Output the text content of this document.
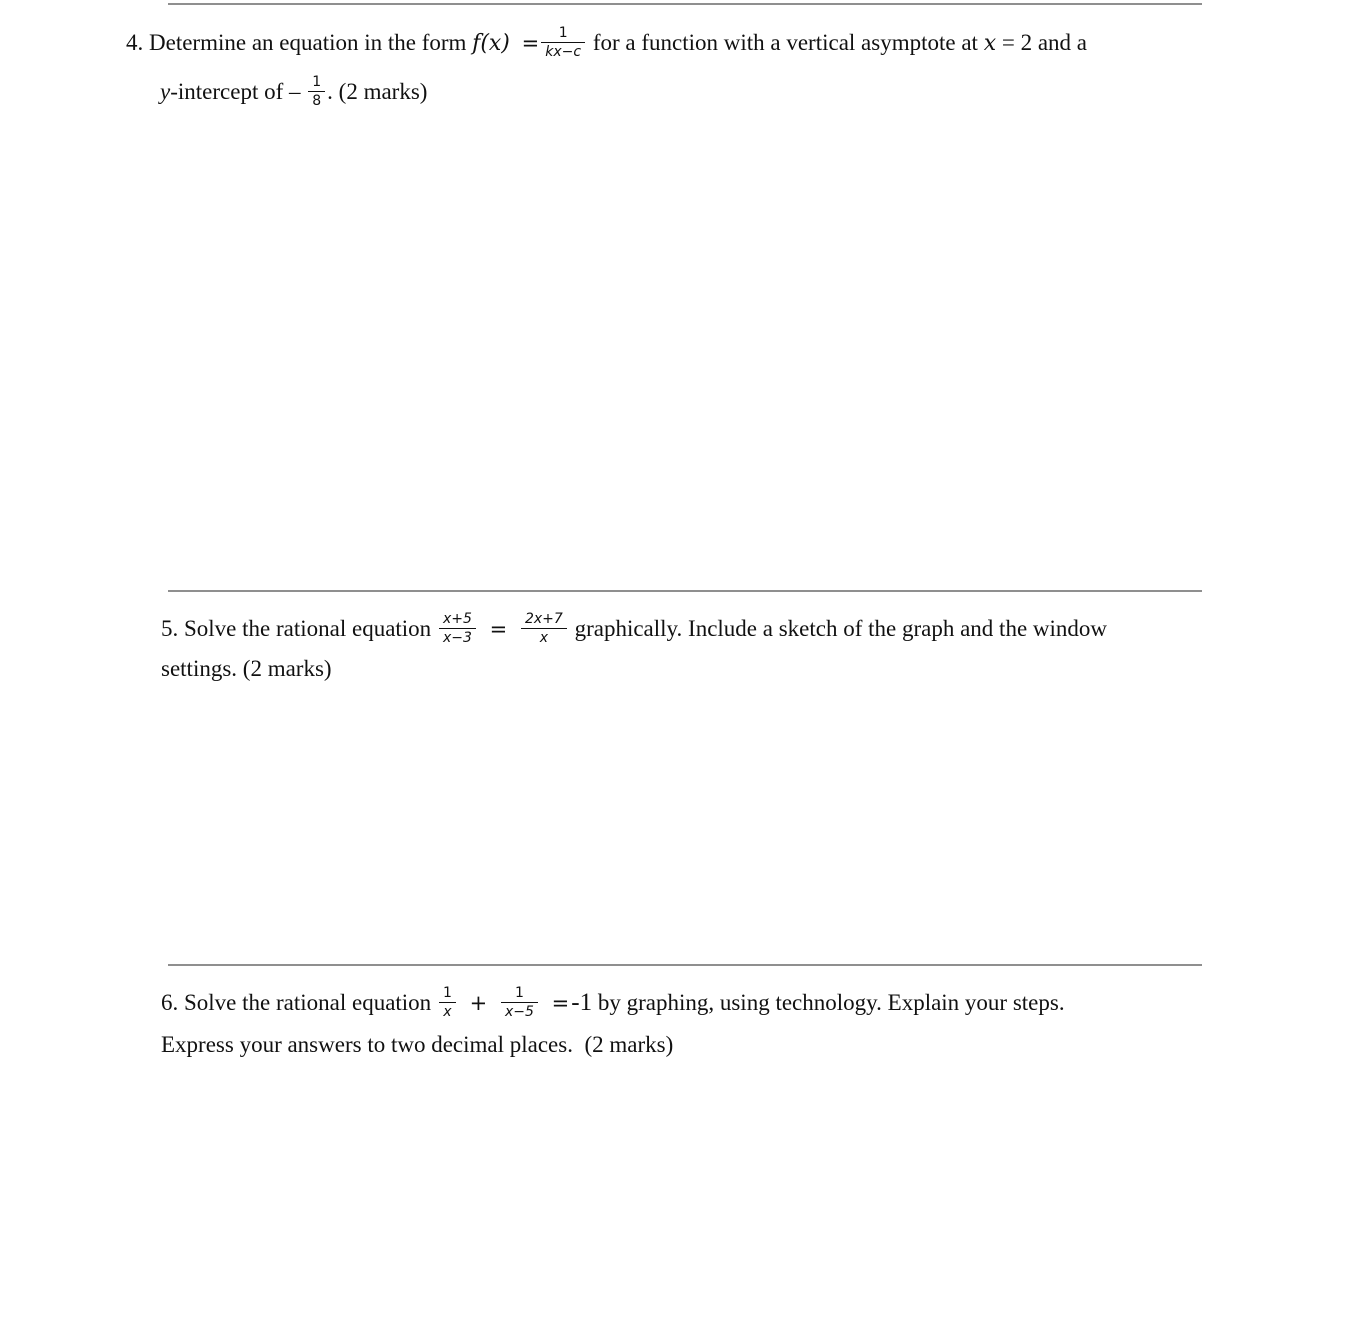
4. Determine an equation in the form $f(x) = \frac{1}{kx-c}$ for a function with a vertical asymptote at x = 2 and a
y-intercept of – $\frac{1}{8}$ . (2 marks)
5. Solve the rational equation $\frac{x+5}{x-3} = \frac{2x+7}{x}$ graphically. Include a sketch of the graph and the window
settings. (2 marks)
6. Solve the rational equation $\frac{1}{x} + \frac{1}{x-5} =-1$ by graphing, using technology. Explain your steps.
Express your answers to two decimal places.  (2 marks)
